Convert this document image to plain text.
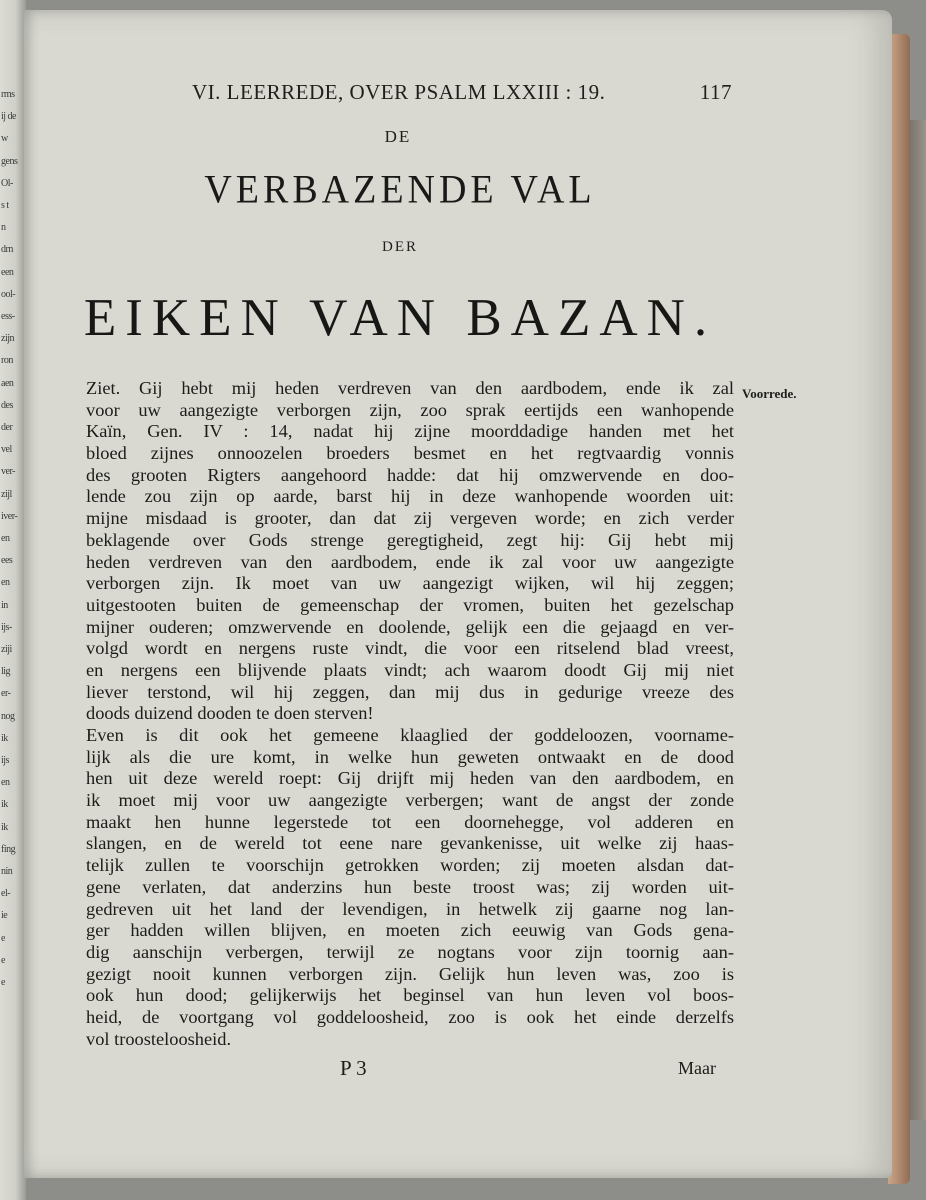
rms
ij de
w
gens
Ol-
s t
n
drn
een
ool-
ess-
zijn
ron
aen
des
der
vel
ver-
zijl
iver-
en
ees
en
in
ijs-
ziji
lig
er-
nog
ik
ijs
en
ik
ik
fing
nin
el-
ie
e
e
e
VI. LEERREDE, OVER PSALM LXXIII : 19.	117
DE
VERBAZENDE VAL
DER
EIKEN VAN BAZAN.
Voorrede.
Ziet. Gij hebt mij heden verdreven van den aardbodem, ende ik zal
voor uw aangezigte verborgen zijn, zoo sprak eertijds een wanhopende
Kaïn, Gen. IV : 14, nadat hij zijne moorddadige handen met het
bloed zijnes onnoozelen broeders besmet en het regtvaardig vonnis
des grooten Rigters aangehoord hadde: dat hij omzwervende en doo-
lende zou zijn op aarde, barst hij in deze wanhopende woorden uit:
mijne misdaad is grooter, dan dat zij vergeven worde; en zich verder
beklagende over Gods strenge geregtigheid, zegt hij: Gij hebt mij
heden verdreven van den aardbodem, ende ik zal voor uw aangezigte
verborgen zijn. Ik moet van uw aangezigt wijken, wil hij zeggen;
uitgestooten buiten de gemeenschap der vromen, buiten het gezelschap
mijner ouderen; omzwervende en doolende, gelijk een die gejaagd en ver-
volgd wordt en nergens ruste vindt, die voor een ritselend blad vreest,
en nergens een blijvende plaats vindt; ach waarom doodt Gij mij niet
liever terstond, wil hij zeggen, dan mij dus in gedurige vreeze des
doods duizend dooden te doen sterven!
Even is dit ook het gemeene klaaglied der goddeloozen, voorname-
lijk als die ure komt, in welke hun geweten ontwaakt en de dood
hen uit deze wereld roept: Gij drijft mij heden van den aardbodem, en
ik moet mij voor uw aangezigte verbergen; want de angst der zonde
maakt hen hunne legerstede tot een doornehegge, vol adderen en
slangen, en de wereld tot eene nare gevankenisse, uit welke zij haas-
telijk zullen te voorschijn getrokken worden; zij moeten alsdan dat-
gene verlaten, dat anderzins hun beste troost was; zij worden uit-
gedreven uit het land der levendigen, in hetwelk zij gaarne nog lan-
ger hadden willen blijven, en moeten zich eeuwig van Gods gena-
dig aanschijn verbergen, terwijl ze nogtans voor zijn toornig aan-
gezigt nooit kunnen verborgen zijn. Gelijk hun leven was, zoo is
ook hun dood; gelijkerwijs het beginsel van hun leven vol boos-
heid, de voortgang vol goddeloosheid, zoo is ook het einde derzelfs
vol troosteloosheid.
P 3	Maar
